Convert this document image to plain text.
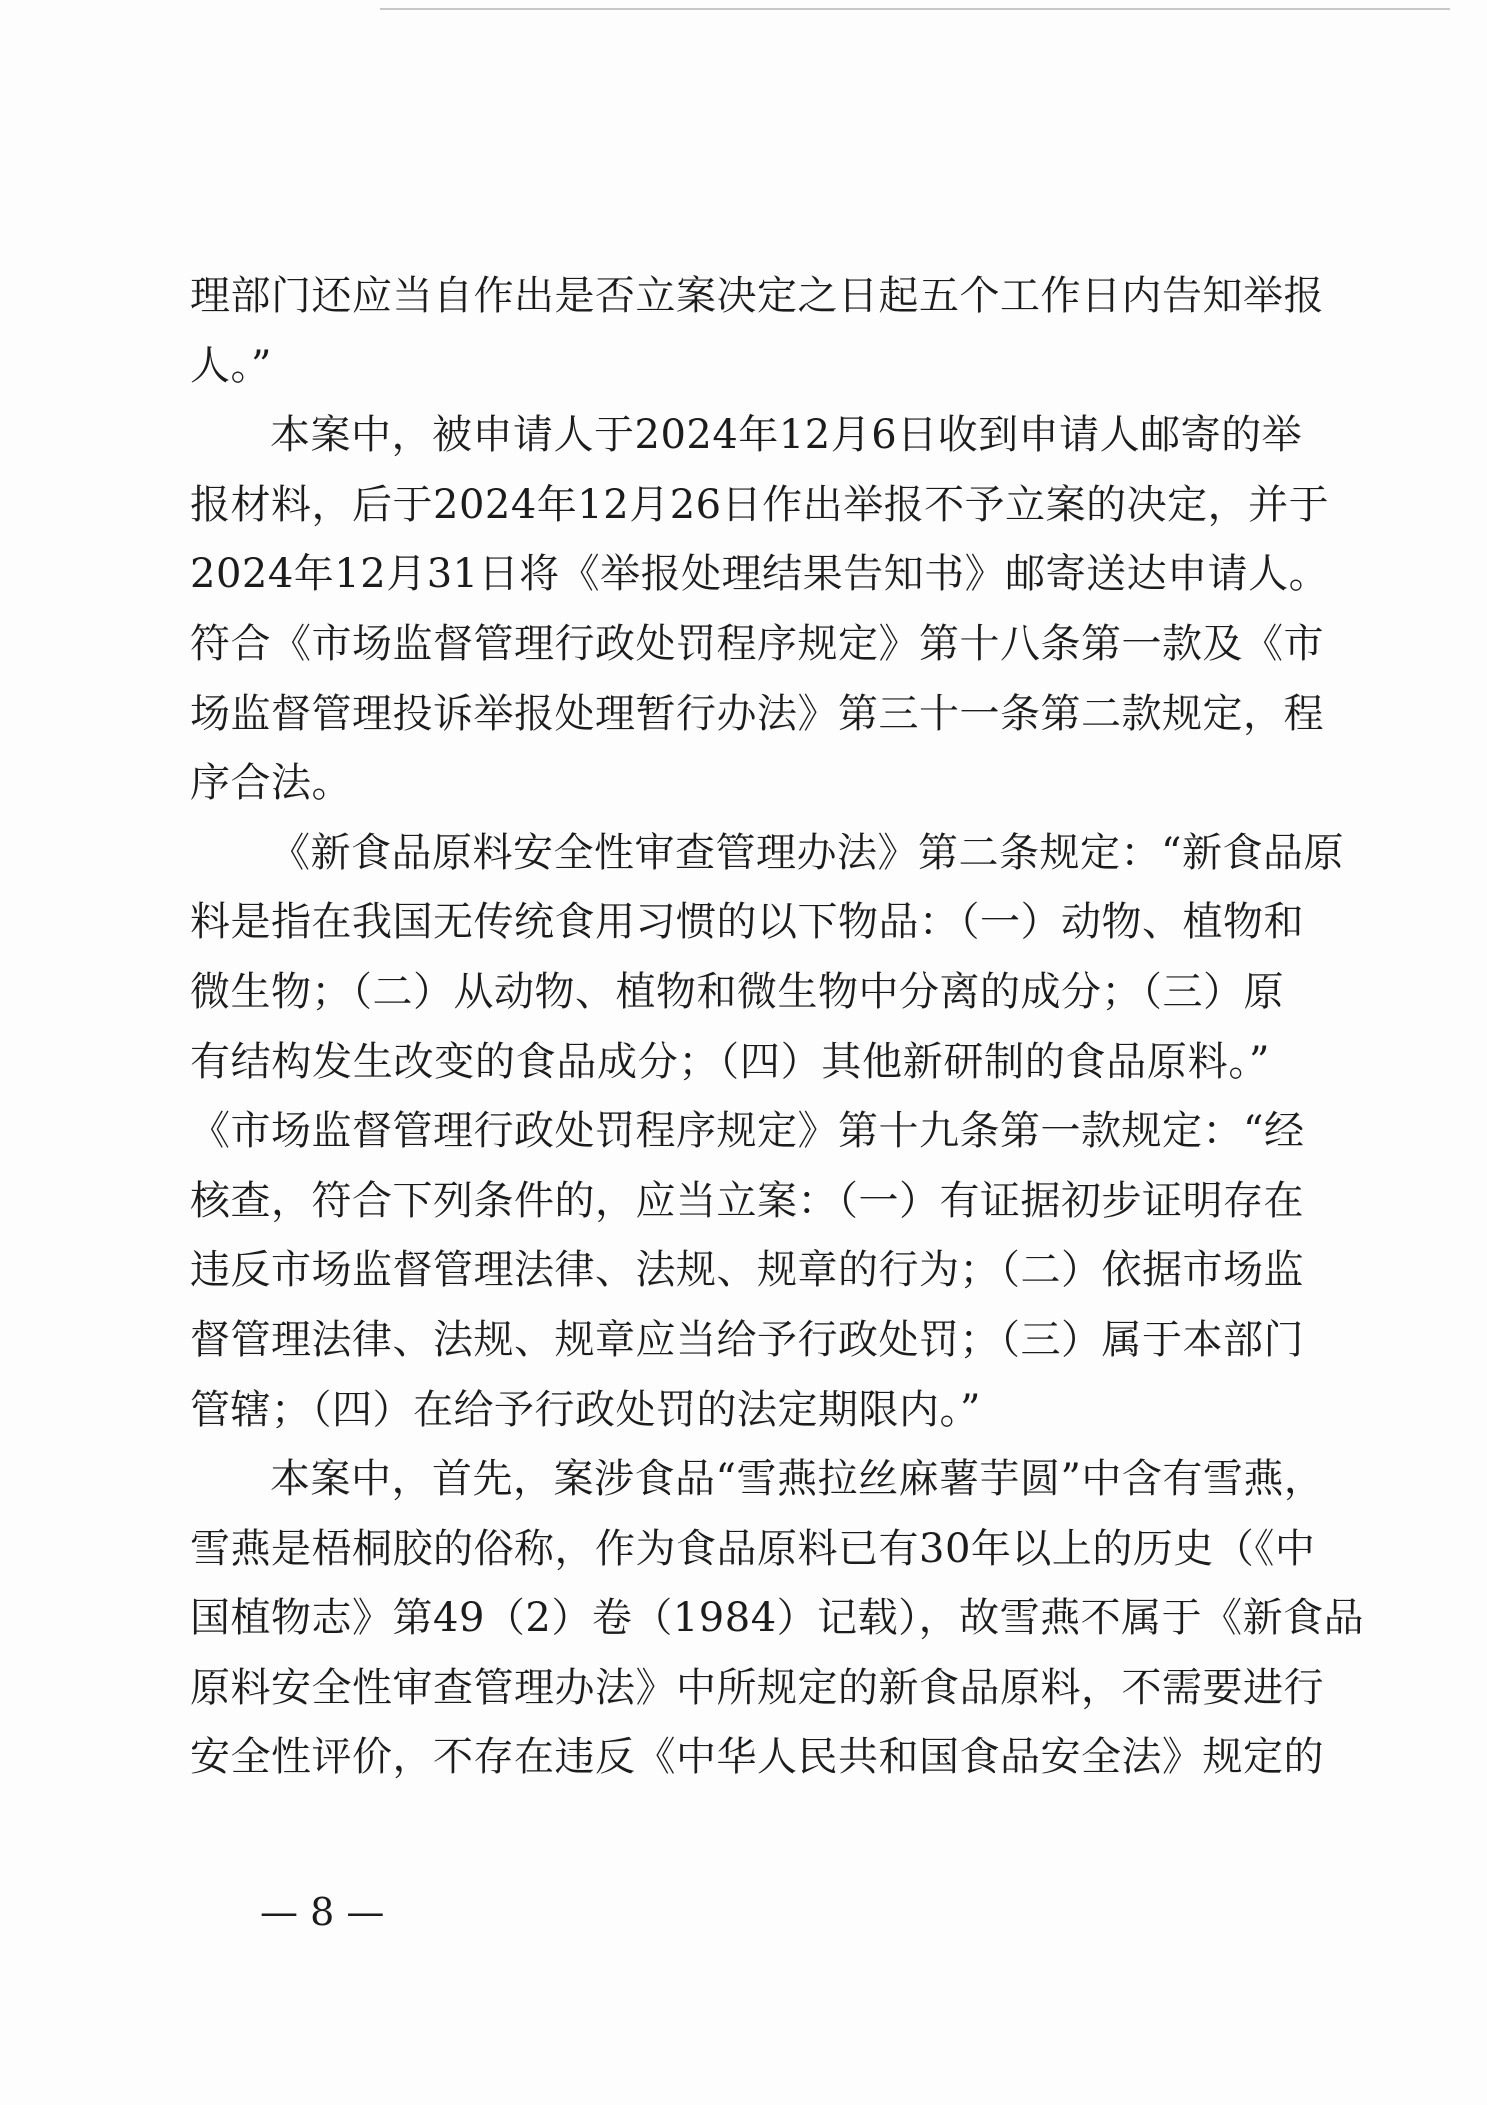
理部门还应当自作出是否立案决定之日起五个工作日内告知举报
人。”
本案中，被申请人于2024年12月6日收到申请人邮寄的举
报材料，后于2024年12月26日作出举报不予立案的决定，并于
2024年12月31日将《举报处理结果告知书》邮寄送达申请人。
符合《市场监督管理行政处罚程序规定》第十八条第一款及《市
场监督管理投诉举报处理暂行办法》第三十一条第二款规定，程
序合法。
《新食品原料安全性审查管理办法》第二条规定：“新食品原
料是指在我国无传统食用习惯的以下物品：（一）动物、植物和
微生物；（二）从动物、植物和微生物中分离的成分；（三）原
有结构发生改变的食品成分；（四）其他新研制的食品原料。”
《市场监督管理行政处罚程序规定》第十九条第一款规定：“经
核查，符合下列条件的，应当立案：（一）有证据初步证明存在
违反市场监督管理法律、法规、规章的行为；（二）依据市场监
督管理法律、法规、规章应当给予行政处罚；（三）属于本部门
管辖；（四）在给予行政处罚的法定期限内。”
本案中，首先，案涉食品“雪燕拉丝麻薯芋圆”中含有雪燕，
雪燕是梧桐胶的俗称，作为食品原料已有30年以上的历史（《中
国植物志》第49（2）卷（1984）记载），故雪燕不属于《新食品
原料安全性审查管理办法》中所规定的新食品原料，不需要进行
安全性评价，不存在违反《中华人民共和国食品安全法》规定的
— 8 —
